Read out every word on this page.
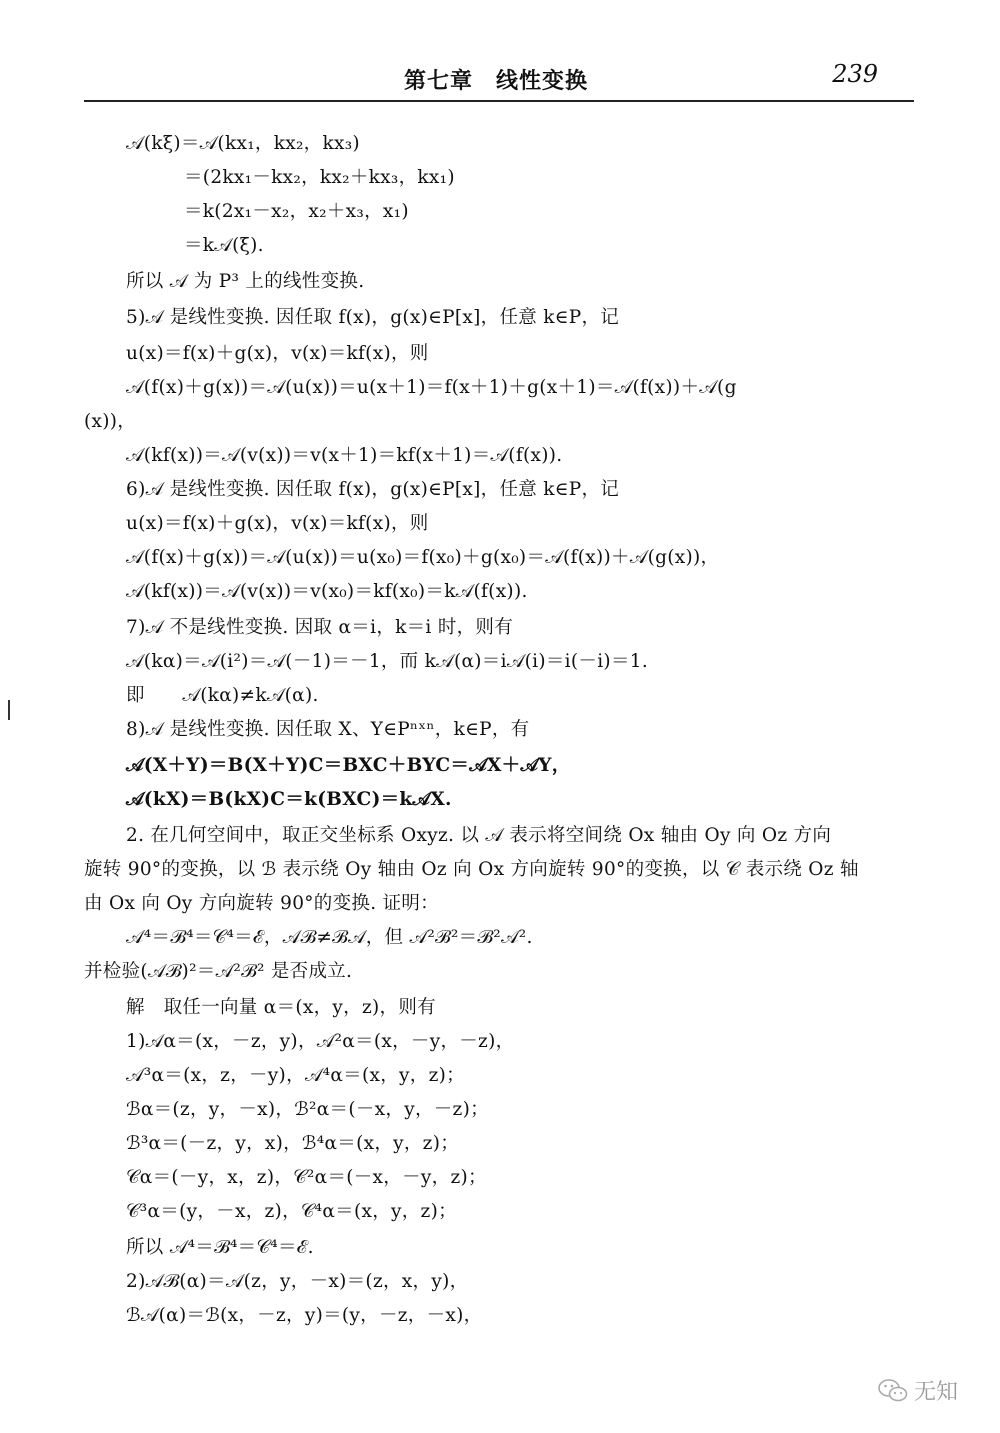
第七章　线性变换	239
𝒜(kξ)＝𝒜(kx₁，kx₂，kx₃)
＝(2kx₁－kx₂，kx₂＋kx₃，kx₁)
＝k(2x₁－x₂，x₂＋x₃，x₁)
＝k𝒜(ξ).
所以 𝒜 为 P³ 上的线性变换.
5)𝒜 是线性变换. 因任取 f(x)，g(x)∈P[x]，任意 k∈P，记
u(x)＝f(x)＋g(x)，v(x)＝kf(x)，则
𝒜(f(x)＋g(x))＝𝒜(u(x))＝u(x＋1)＝f(x＋1)＋g(x＋1)＝𝒜(f(x))＋𝒜(g
(x))，
𝒜(kf(x))＝𝒜(v(x))＝v(x＋1)＝kf(x＋1)＝𝒜(f(x)).
6)𝒜 是线性变换. 因任取 f(x)，g(x)∈P[x]，任意 k∈P，记
u(x)＝f(x)＋g(x)，v(x)＝kf(x)，则
𝒜(f(x)＋g(x))＝𝒜(u(x))＝u(x₀)＝f(x₀)＋g(x₀)＝𝒜(f(x))＋𝒜(g(x))，
𝒜(kf(x))＝𝒜(v(x))＝v(x₀)＝kf(x₀)＝k𝒜(f(x)).
7)𝒜 不是线性变换. 因取 α＝i，k＝i 时，则有
𝒜(kα)＝𝒜(i²)＝𝒜(－1)＝－1，而 k𝒜(α)＝i𝒜(i)＝i(－i)＝1.
即　　𝒜(kα)≠k𝒜(α).
8)𝒜 是线性变换. 因任取 X、Y∈Pⁿˣⁿ，k∈P，有
𝒜(X＋Y)＝B(X＋Y)C＝BXC＋BYC＝𝒜X＋𝒜Y，
𝒜(kX)＝B(kX)C＝k(BXC)＝k𝒜X.
2. 在几何空间中，取正交坐标系 Oxyz. 以 𝒜 表示将空间绕 Ox 轴由 Oy 向 Oz 方向
旋转 90°的变换，以 ℬ 表示绕 Oy 轴由 Oz 向 Ox 方向旋转 90°的变换，以 𝒞 表示绕 Oz 轴
由 Ox 向 Oy 方向旋转 90°的变换. 证明：
𝒜⁴＝ℬ⁴＝𝒞⁴＝ℰ，𝒜ℬ≠ℬ𝒜，但 𝒜²ℬ²＝ℬ²𝒜².
并检验(𝒜ℬ)²＝𝒜²ℬ² 是否成立.
解　取任一向量 α＝(x，y，z)，则有
1)𝒜α＝(x，－z，y)，𝒜²α＝(x，－y，－z)，
𝒜³α＝(x，z，－y)，𝒜⁴α＝(x，y，z)；
ℬα＝(z，y，－x)，ℬ²α＝(－x，y，－z)；
ℬ³α＝(－z，y，x)，ℬ⁴α＝(x，y，z)；
𝒞α＝(－y，x，z)，𝒞²α＝(－x，－y，z)；
𝒞³α＝(y，－x，z)，𝒞⁴α＝(x，y，z)；
所以 𝒜⁴＝ℬ⁴＝𝒞⁴＝ℰ.
2)𝒜ℬ(α)＝𝒜(z，y，－x)＝(z，x，y)，
ℬ𝒜(α)＝ℬ(x，－z，y)＝(y，－z，－x)，
无知
